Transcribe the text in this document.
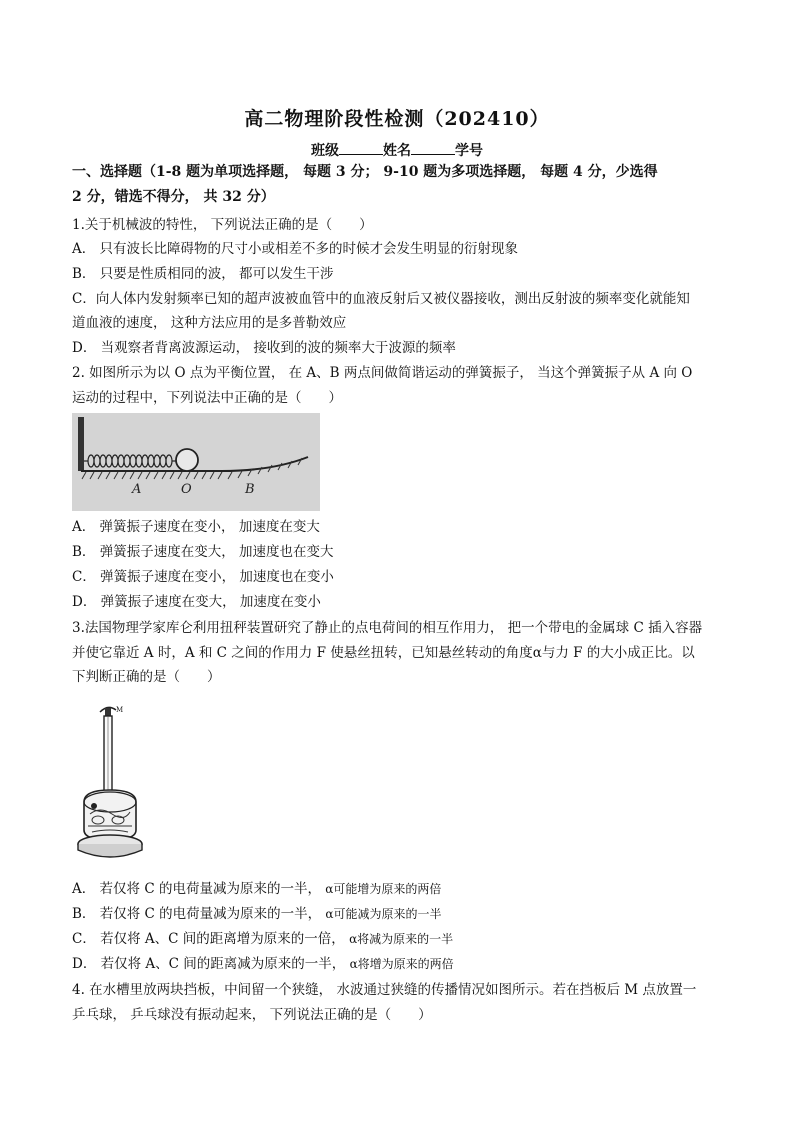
高二物理阶段性检测（202410）
班级	姓名	学号
一、选择题（1-8 题为单项选择题， 每题 3 分； 9-10 题为多项选择题， 每题 4 分，少选得
2 分，错选不得分， 共 32 分）
1.关于机械波的特性， 下列说法正确的是（　　）
A． 只有波长比障碍物的尺寸小或相差不多的时候才会发生明显的衍射现象
B． 只要是性质相同的波， 都可以发生干涉
C．向人体内发射频率已知的超声波被血管中的血液反射后又被仪器接收，测出反射波的频率变化就能知
道血液的速度， 这种方法应用的是多普勒效应
D． 当观察者背离波源运动， 接收到的波的频率大于波源的频率
2. 如图所示为以 O 点为平衡位置， 在 A、B 两点间做简谐运动的弹簧振子， 当这个弹簧振子从 A 向 O
运动的过程中，下列说法中正确的是（　　）
A	O	B
A． 弹簧振子速度在变小， 加速度在变大
B． 弹簧振子速度在变大， 加速度也在变大
C． 弹簧振子速度在变小， 加速度也在变小
D． 弹簧振子速度在变大， 加速度在变小
3.法国物理学家库仑利用扭秤装置研究了静止的点电荷间的相互作用力， 把一个带电的金属球 C 插入容器
并使它靠近 A 时，A 和 C 之间的作用力 F 使悬丝扭转，已知悬丝转动的角度α与力 F 的大小成正比。以
下判断正确的是（　　）
M
A． 若仅将 C 的电荷量减为原来的一半， α可能增为原来的两倍
B． 若仅将 C 的电荷量减为原来的一半， α可能减为原来的一半
C． 若仅将 A、C 间的距离增为原来的一倍， α将减为原来的一半
D． 若仅将 A、C 间的距离减为原来的一半， α将增为原来的两倍
4. 在水槽里放两块挡板，中间留一个狭缝， 水波通过狭缝的传播情况如图所示。若在挡板后 M 点放置一
乒乓球， 乒乓球没有振动起来， 下列说法正确的是（　　）
